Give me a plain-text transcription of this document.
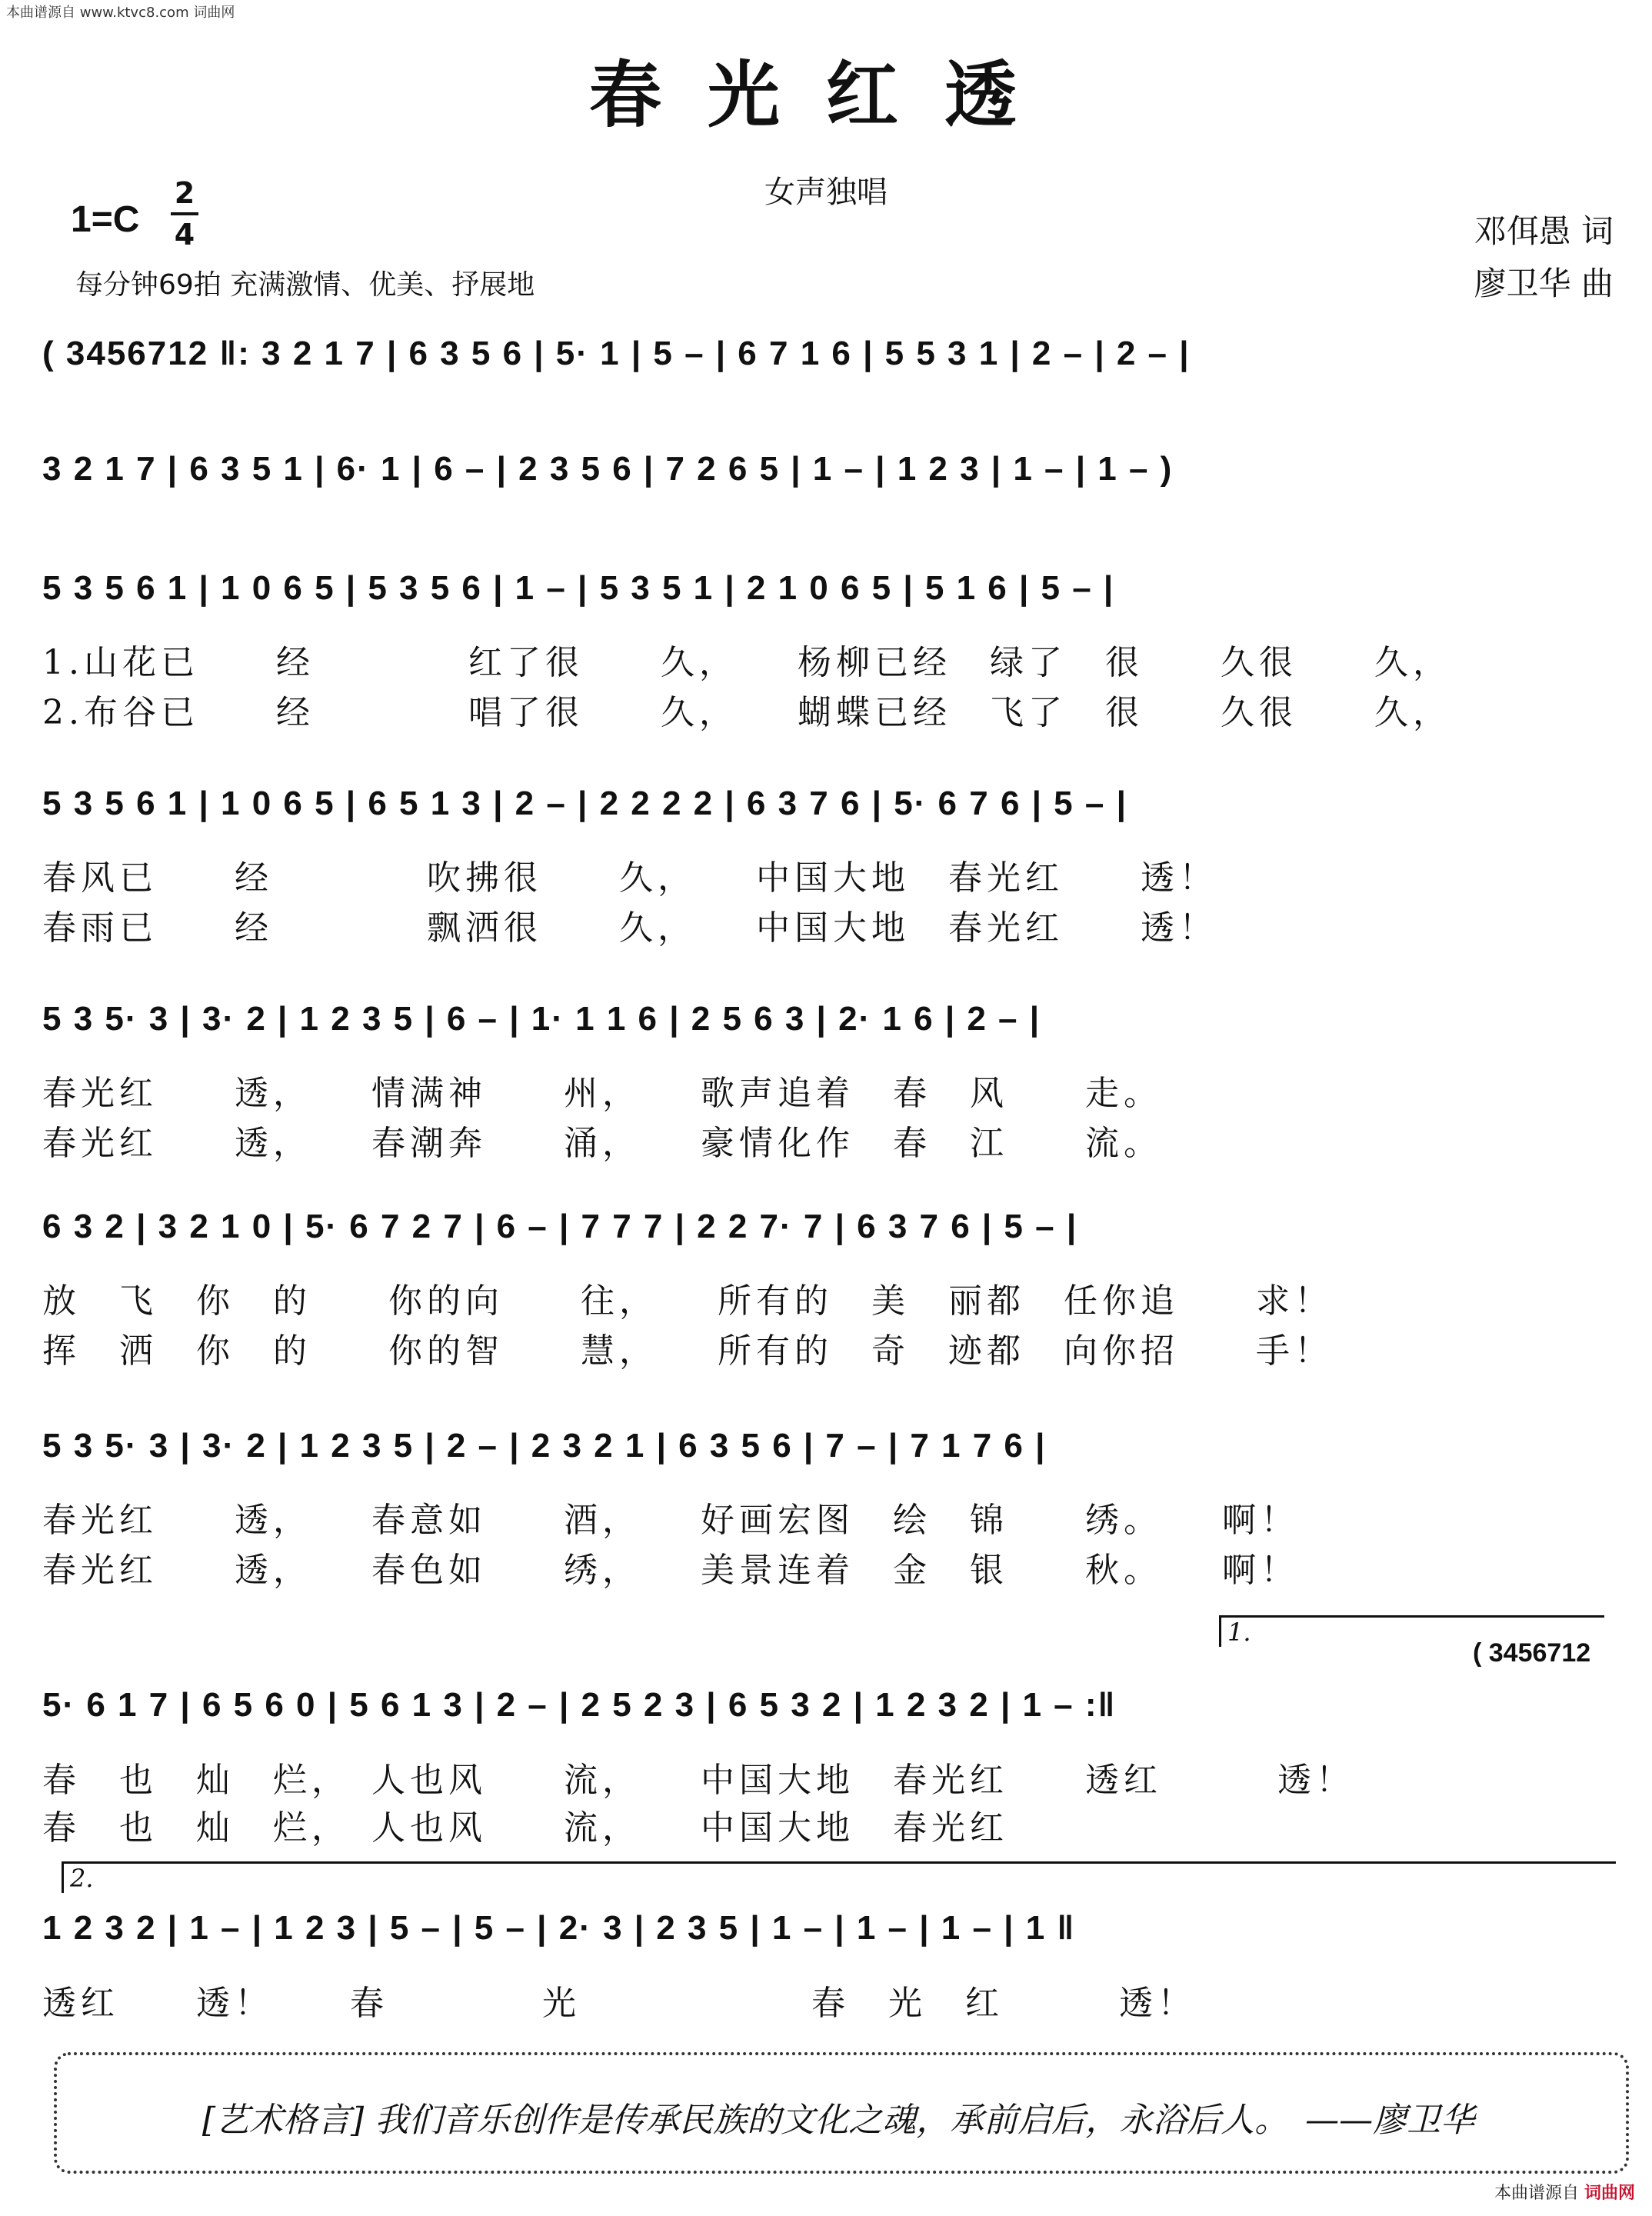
本曲谱源自 www.ktvc8.com 词曲网
春光红透
女声独唱
1=C
2
4
每分钟69拍 充满激情、优美、抒展地
邓佴愚 词
廖卫华 曲
( 3456712 ‖: 3 2 1 7 | 6 3 5 6 | 5· 1 | 5 – | 6 7 1 6 | 5 5 3 1 | 2 – | 2 – |
3 2 1 7 | 6 3 5 1 | 6· 1 | 6 – | 2 3 5 6 | 7 2 6 5 | 1 – | 1 2 3 | 1 – | 1 – )
5 3 5 6 1 | 1 0 6 5 | 5 3 5 6 | 1 – | 5 3 5 1 | 2 1 0 6 5 | 5 1 6 | 5 – |
1.山花已　　经　　　　红了很　　久，　　杨柳已经　绿了　很　　久很　　久，
2.布谷已　　经　　　　唱了很　　久，　　蝴蝶已经　飞了　很　　久很　　久，
5 3 5 6 1 | 1 0 6 5 | 6 5 1 3 | 2 – | 2 2 2 2 | 6 3 7 6 | 5· 6 7 6 | 5 – |
春风已　　经　　　　吹拂很　　久，　　中国大地　春光红　　透！
春雨已　　经　　　　飘洒很　　久，　　中国大地　春光红　　透！
5 3 5· 3 | 3· 2 | 1 2 3 5 | 6 – | 1· 1 1 6 | 2 5 6 3 | 2· 1 6 | 2 – |
春光红　　透，　　情满神　　州，　　歌声追着　春　风　　走。
春光红　　透，　　春潮奔　　涌，　　豪情化作　春　江　　流。
6 3 2 | 3 2 1 0 | 5· 6 7 2 7 | 6 – | 7 7 7 | 2 2 7· 7 | 6 3 7 6 | 5 – |
放　飞　你　的　　你的向　　往，　　所有的　美　丽都　任你追　　求！
挥　洒　你　的　　你的智　　慧，　　所有的　奇　迹都　向你招　　手！
5 3 5· 3 | 3· 2 | 1 2 3 5 | 2 – | 2 3 2 1 | 6 3 5 6 | 7 – | 7 1 7 6 |
春光红　　透，　　春意如　　酒，　　好画宏图　绘　锦　　绣。　　啊！
春光红　　透，　　春色如　　绣，　　美景连着　金　银　　秋。　　啊！
1.
( 3456712
5· 6 1 7 | 6 5 6 0 | 5 6 1 3 | 2 – | 2 5 2 3 | 6 5 3 2 | 1 2 3 2 | 1 – :‖
春　也　灿　烂，　人也风　　流，　　中国大地　春光红　　透红　　　透！
春　也　灿　烂，　人也风　　流，　　中国大地　春光红
2.
1 2 3 2 | 1 – | 1 2 3 | 5 – | 5 – | 2· 3 | 2 3 5 | 1 – | 1 – | 1 – | 1 ‖
透红　　透！　　春　　　　光　　　　　　春　光　红　　　透！
[艺术格言] 我们音乐创作是传承民族的文化之魂，承前启后，永浴后人。　——廖卫华
本曲谱源自 词曲网
